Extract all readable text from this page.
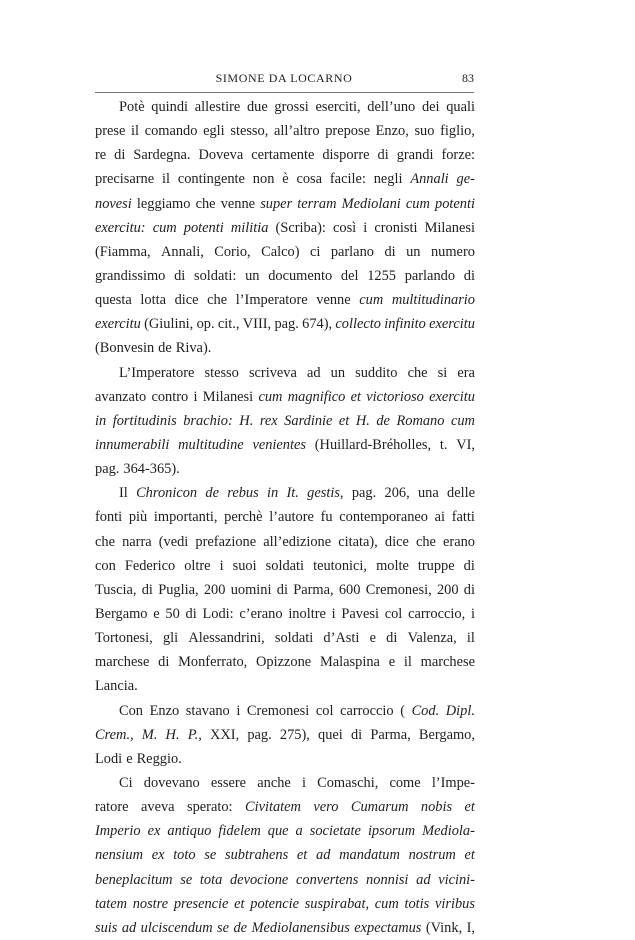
SIMONE DA LOCARNO	83
Potè quindi allestire due grossi eserciti, dell’uno dei quali
prese il comando egli stesso, all’altro prepose Enzo, suo figlio,
re di Sardegna. Doveva certamente disporre di grandi forze:
precisarne il contingente non è cosa facile: negli Annali ge-
novesi leggiamo che venne super terram Mediolani cum potenti
exercitu: cum potenti militia (Scriba): così i cronisti Milanesi
(Fiamma, Annali, Corio, Calco) ci parlano di un numero
grandissimo di soldati: un documento del 1255 parlando di
questa lotta dice che l’Imperatore venne cum multitudinario
exercitu (Giulini, op. cit., VIII, pag. 674), collecto infinito exercitu
(Bonvesin de Riva).
L’Imperatore stesso scriveva ad un suddito che si era
avanzato contro i Milanesi cum magnifico et victorioso exercitu
in fortitudinis brachio: H. rex Sardinie et H. de Romano cum
innumerabili multitudine venientes (Huillard-Bréholles, t. VI,
pag. 364-365).
Il Chronicon de rebus in It. gestis, pag. 206, una delle
fonti più importanti, perchè l’autore fu contemporaneo ai fatti
che narra (vedi prefazione all’edizione citata), dice che erano
con Federico oltre i suoi soldati teutonici, molte truppe di
Tuscia, di Puglia, 200 uomini di Parma, 600 Cremonesi, 200 di
Bergamo e 50 di Lodi: c’erano inoltre i Pavesi col carroccio, i
Tortonesi, gli Alessandrini, soldati d’Asti e di Valenza, il
marchese di Monferrato, Opizzone Malaspina e il marchese
Lancia.
Con Enzo stavano i Cremonesi col carroccio ( Cod. Dipl.
Crem., M. H. P., XXI, pag. 275), quei di Parma, Bergamo,
Lodi e Reggio.
Ci dovevano essere anche i Comaschi, come l’Impe-
ratore aveva sperato: Civitatem vero Cumarum nobis et
Imperio ex antiquo fidelem que a societate ipsorum Mediola-
nensium ex toto se subtrahens et ad mandatum nostrum et
beneplacitum se tota devocione convertens nonnisi ad vicini-
tatem nostre presencie et potencie suspirabat, cum totis viribus
suis ad ulciscendum se de Mediolanensibus expectamus (Vink, I,
